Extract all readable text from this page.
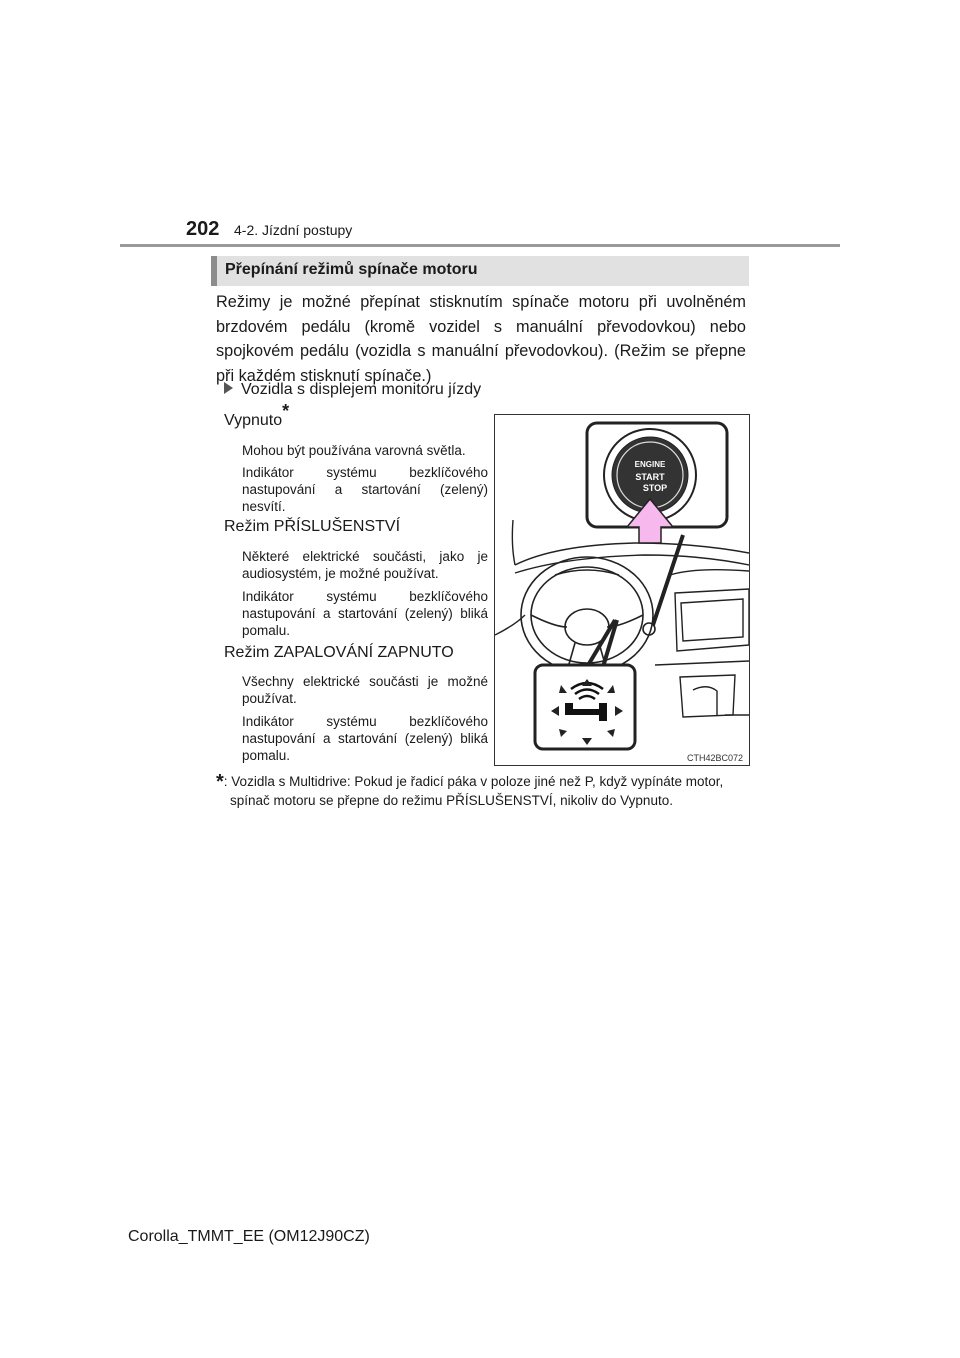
202 4-2. Jízdní postupy
Přepínání režimů spínače motoru
Režimy je možné přepínat stisknutím spínače motoru při uvolněném brzdovém pedálu (kromě vozidel s manuální převodovkou) nebo spojkovém pedálu (vozidla s manuální převodovkou). (Režim se přepne při každém stisknutí spínače.)
Vozidla s displejem monitoru jízdy
Vypnuto*
Mohou být používána varovná světla.
Indikátor systému bezklíčového nastupování a startování (zelený) nesvítí.
Režim PŘÍSLUŠENSTVÍ
Některé elektrické součásti, jako je audiosystém, je možné používat.
Indikátor systému bezklíčového nastupování a startování (zelený) bliká pomalu.
Režim ZAPALOVÁNÍ ZAPNUTO
Všechny elektrické součásti je možné používat.
Indikátor systému bezklíčového nastupování a startování (zelený) bliká pomalu.
ENGINE
START
STOP
CTH42BC072
*: Vozidla s Multidrive: Pokud je řadicí páka v poloze jiné než P, když vypínáte motor, spínač motoru se přepne do režimu PŘÍSLUŠENSTVÍ, nikoliv do Vypnuto.
Corolla_TMMT_EE (OM12J90CZ)
